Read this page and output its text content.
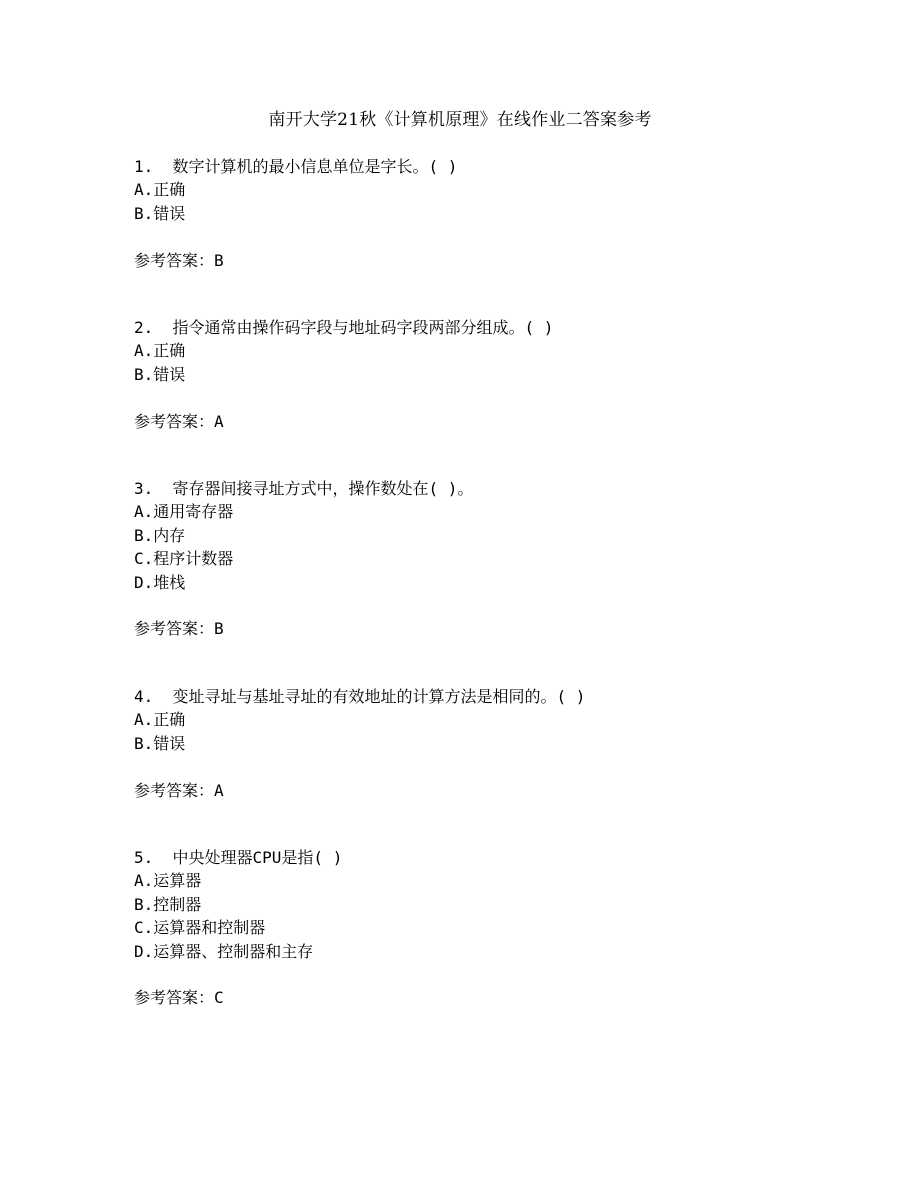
南开大学21秋《计算机原理》在线作业二答案参考
1.  数字计算机的最小信息单位是字长。( )
A.正确
B.错误
参考答案：B
2.  指令通常由操作码字段与地址码字段两部分组成。( )
A.正确
B.错误
参考答案：A
3.  寄存器间接寻址方式中，操作数处在( )。
A.通用寄存器
B.内存
C.程序计数器
D.堆栈
参考答案：B
4.  变址寻址与基址寻址的有效地址的计算方法是相同的。( )
A.正确
B.错误
参考答案：A
5.  中央处理器CPU是指( )
A.运算器
B.控制器
C.运算器和控制器
D.运算器、控制器和主存
参考答案：C
